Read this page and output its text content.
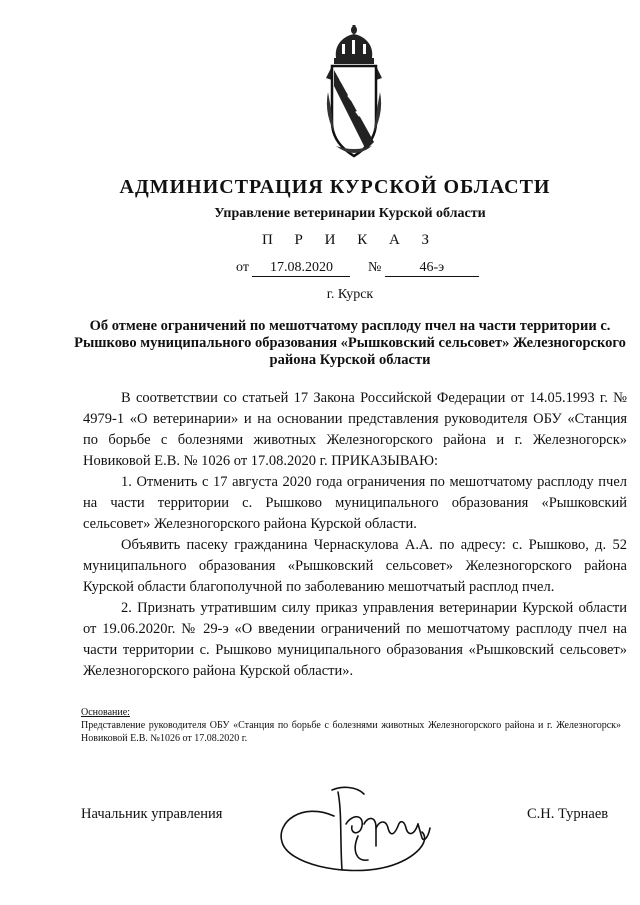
АДМИНИСТРАЦИЯ КУРСКОЙ ОБЛАСТИ
Управление ветеринарии Курской области
П Р И К А З
от 17.08.2020	№	46-э
г. Курск
Об отмене ограничений по мешотчатому расплоду пчел на части территории с. Рышково муниципального образования «Рышковский сельсовет» Железногорского района Курской области

В соответствии со статьей 17 Закона Российской Федерации от 14.05.1993 г. № 4979-1 «О ветеринарии» и на основании представления руководителя ОБУ «Станция по борьбе с болезнями животных Железногорского района и г. Железногорск» Новиковой Е.В. № 1026 от 17.08.2020 г. ПРИКАЗЫВАЮ:

1. Отменить с 17 августа 2020 года ограничения по мешотчатому расплоду пчел на части территории с. Рышково муниципального образования «Рышковский сельсовет» Железногорского района Курской области.

Объявить пасеку гражданина Чернаскулова А.А. по адресу: с. Рышково, д. 52 муниципального образования «Рышковский сельсовет» Железногорского района Курской области благополучной по заболеванию мешотчатый расплод пчел.

2. Признать утратившим силу приказ управления ветеринарии Курской области от 19.06.2020г. № 29-э «О введении ограничений по мешотчатому расплоду пчел на части территории с. Рышково муниципального образования «Рышковский сельсовет» Железногорского района Курской области».

Основание:
Представление руководителя ОБУ «Станция по борьбе с болезнями животных Железногорского района и г. Железногорск» Новиковой Е.В. №1026 от 17.08.2020 г.
Начальник управления	С.Н. Турнаев
